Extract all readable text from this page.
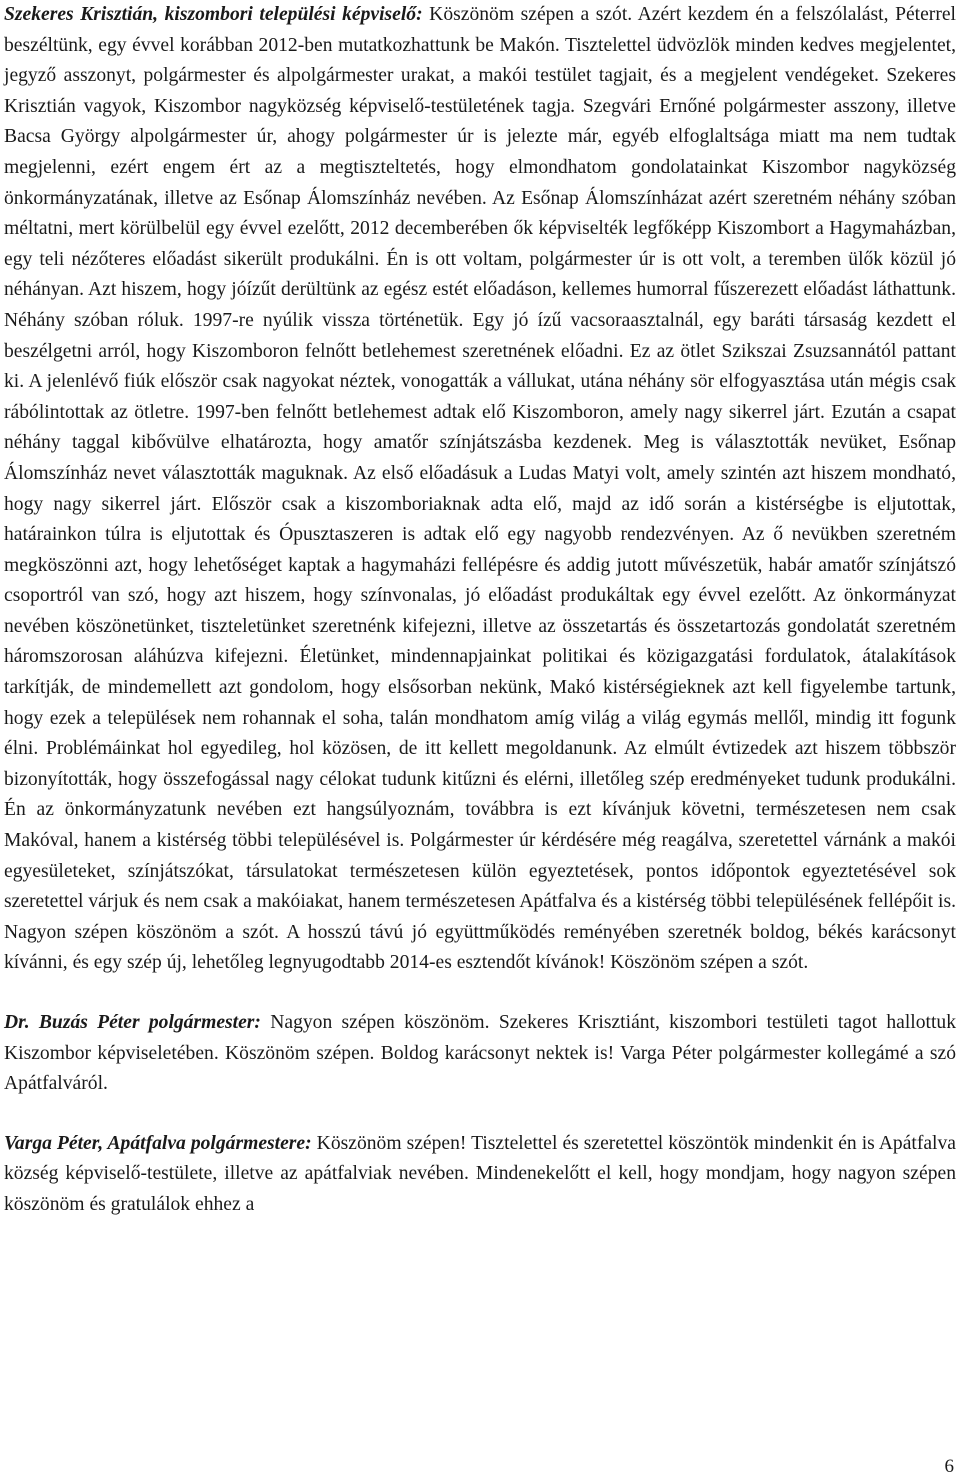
Szekeres Krisztián, kiszombori települési képviselő: Köszönöm szépen a szót. Azért kezdem én a felszólalást, Péterrel beszéltünk, egy évvel korábban 2012-ben mutatkozhattunk be Makón. Tisztelettel üdvözlök minden kedves megjelentet, jegyző asszonyt, polgármester és alpolgármester urakat, a makói testület tagjait, és a megjelent vendégeket. Szekeres Krisztián vagyok, Kiszombor nagyközség képviselő-testületének tagja. Szegvári Ernőné polgármester asszony, illetve Bacsa György alpolgármester úr, ahogy polgármester úr is jelezte már, egyéb elfoglaltsága miatt ma nem tudtak megjelenni, ezért engem ért az a megtiszteltetés, hogy elmondhatom gondolatainkat Kiszombor nagyközség önkormányzatának, illetve az Esőnap Álomszínház nevében. Az Esőnap Álomszínházat azért szeretném néhány szóban méltatni, mert körülbelül egy évvel ezelőtt, 2012 decemberében ők képviselték legfőképp Kiszombort a Hagymaházban, egy teli nézőteres előadást sikerült produkálni. Én is ott voltam, polgármester úr is ott volt, a teremben ülők közül jó néhányan. Azt hiszem, hogy jóízűt derültünk az egész estét előadáson, kellemes humorral fűszerezett előadást láthattunk. Néhány szóban róluk. 1997-re nyúlik vissza történetük. Egy jó ízű vacsoraasztalnál, egy baráti társaság kezdett el beszélgetni arról, hogy Kiszomboron felnőtt betlehemest szeretnének előadni. Ez az ötlet Szikszai Zsuzsannától pattant ki. A jelenlévő fiúk először csak nagyokat néztek, vonogatták a vállukat, utána néhány sör elfogyasztása után mégis csak rábólintottak az ötletre. 1997-ben felnőtt betlehemest adtak elő Kiszomboron, amely nagy sikerrel járt. Ezután a csapat néhány taggal kibővülve elhatározta, hogy amatőr színjátszásba kezdenek. Meg is választották nevüket, Esőnap Álomszínház nevet választották maguknak. Az első előadásuk a Ludas Matyi volt, amely szintén azt hiszem mondható, hogy nagy sikerrel járt. Először csak a kiszomboriaknak adta elő, majd az idő során a kistérségbe is eljutottak, határainkon túlra is eljutottak és Ópusztaszeren is adtak elő egy nagyobb rendezvényen. Az ő nevükben szeretném megköszönni azt, hogy lehetőséget kaptak a hagymaházi fellépésre és addig jutott művészetük, habár amatőr színjátszó csoportról van szó, hogy azt hiszem, hogy színvonalas, jó előadást produkáltak egy évvel ezelőtt. Az önkormányzat nevében köszönetünket, tiszteletünket szeretnénk kifejezni, illetve az összetartás és összetartozás gondolatát szeretném háromszorosan aláhúzva kifejezni. Életünket, mindennapjainkat politikai és közigazgatási fordulatok, átalakítások tarkítják, de mindemellett azt gondolom, hogy elsősorban nekünk, Makó kistérségieknek azt kell figyelembe tartunk, hogy ezek a települések nem rohannak el soha, talán mondhatom amíg világ a világ egymás mellől, mindig itt fogunk élni. Problémáinkat hol egyedileg, hol közösen, de itt kellett megoldanunk. Az elmúlt évtizedek azt hiszem többször bizonyították, hogy összefogással nagy célokat tudunk kitűzni és elérni, illetőleg szép eredményeket tudunk produkálni. Én az önkormányzatunk nevében ezt hangsúlyoznám, továbbra is ezt kívánjuk követni, természetesen nem csak Makóval, hanem a kistérség többi településével is. Polgármester úr kérdésére még reagálva, szeretettel várnánk a makói egyesületeket, színjátszókat, társulatokat természetesen külön egyeztetések, pontos időpontok egyeztetésével sok szeretettel várjuk és nem csak a makóiakat, hanem természetesen Apátfalva és a kistérség többi településének fellépőit is. Nagyon szépen köszönöm a szót. A hosszú távú jó együttműködés reményében szeretnék boldog, békés karácsonyt kívánni, és egy szép új, lehetőleg legnyugodtabb 2014-es esztendőt kívánok! Köszönöm szépen a szót.

Dr. Buzás Péter polgármester: Nagyon szépen köszönöm. Szekeres Krisztiánt, kiszombori testületi tagot hallottuk Kiszombor képviseletében. Köszönöm szépen. Boldog karácsonyt nektek is! Varga Péter polgármester kollegámé a szó Apátfalváról.

Varga Péter, Apátfalva polgármestere: Köszönöm szépen! Tisztelettel és szeretettel köszöntök mindenkit én is Apátfalva község képviselő-testülete, illetve az apátfalviak nevében. Mindenekelőtt el kell, hogy mondjam, hogy nagyon szépen köszönöm és gratulálok ehhez a

6
